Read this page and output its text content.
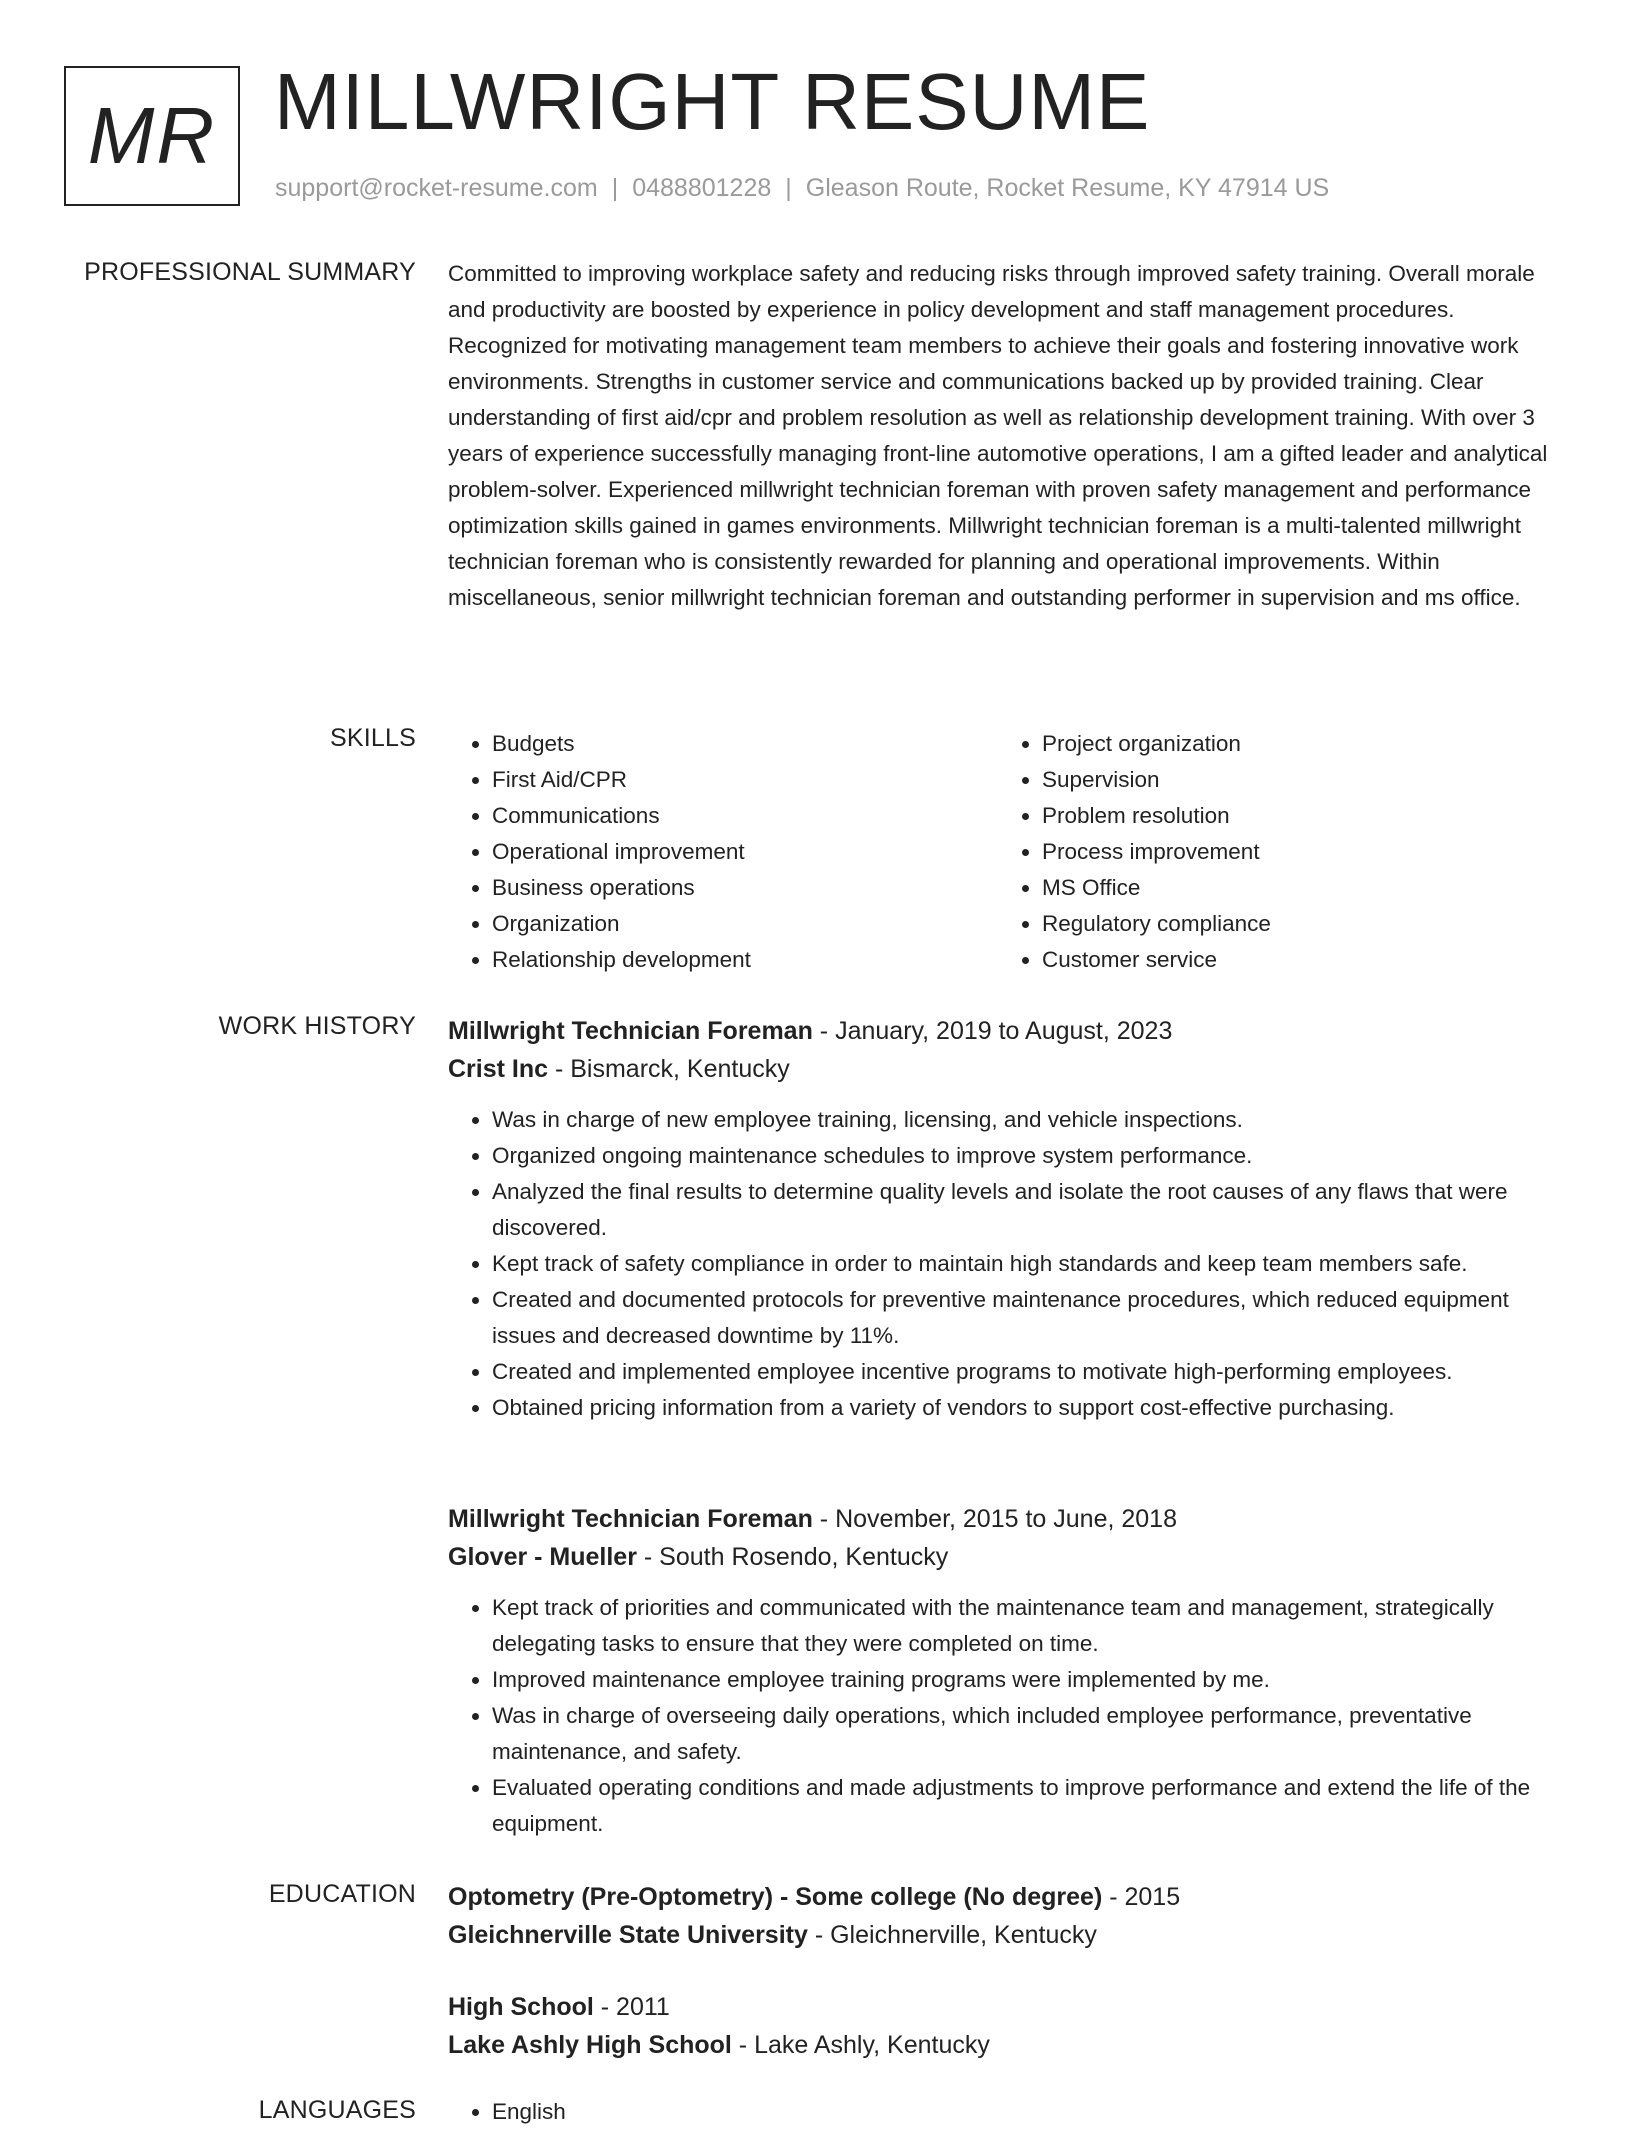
MR MILLWRIGHT RESUME
support@rocket-resume.com | 0488801228 | Gleason Route, Rocket Resume, KY 47914 US
PROFESSIONAL SUMMARY Committed to improving workplace safety and reducing risks through improved safety training. Overall morale and productivity are boosted by experience in policy development and staff management procedures. Recognized for motivating management team members to achieve their goals and fostering innovative work environments. Strengths in customer service and communications backed up by provided training. Clear understanding of first aid/cpr and problem resolution as well as relationship development training. With over 3 years of experience successfully managing front-line automotive operations, I am a gifted leader and analytical problem-solver. Experienced millwright technician foreman with proven safety management and performance optimization skills gained in games environments. Millwright technician foreman is a multi-talented millwright technician foreman who is consistently rewarded for planning and operational improvements. Within miscellaneous, senior millwright technician foreman and outstanding performer in supervision and ms office.

SKILLS	• Budgets
• First Aid/CPR
• Communications
• Operational improvement
• Business operations
• Organization
• Relationship development
• Project organization
• Supervision
• Problem resolution
• Process improvement
• MS Office
• Regulatory compliance
• Customer service
WORK HISTORY Millwright Technician Foreman - January, 2019 to August, 2023
Crist Inc - Bismarck, Kentucky
• Was in charge of new employee training, licensing, and vehicle inspections.
• Organized ongoing maintenance schedules to improve system performance.
• Analyzed the final results to determine quality levels and isolate the root causes of any flaws that were discovered.
• Kept track of safety compliance in order to maintain high standards and keep team members safe.
• Created and documented protocols for preventive maintenance procedures, which reduced equipment issues and decreased downtime by 11%.
• Created and implemented employee incentive programs to motivate high-performing employees.
• Obtained pricing information from a variety of vendors to support cost-effective purchasing.
Millwright Technician Foreman - November, 2015 to June, 2018
Glover - Mueller - South Rosendo, Kentucky
• Kept track of priorities and communicated with the maintenance team and management, strategically delegating tasks to ensure that they were completed on time.
• Improved maintenance employee training programs were implemented by me.
• Was in charge of overseeing daily operations, which included employee performance, preventative maintenance, and safety.
• Evaluated operating conditions and made adjustments to improve performance and extend the life of the equipment.
EDUCATION Optometry (Pre-Optometry) - Some college (No degree) - 2015
Gleichnerville State University - Gleichnerville, Kentucky
High School - 2011
Lake Ashly High School - Lake Ashly, Kentucky
LANGUAGES	• English
